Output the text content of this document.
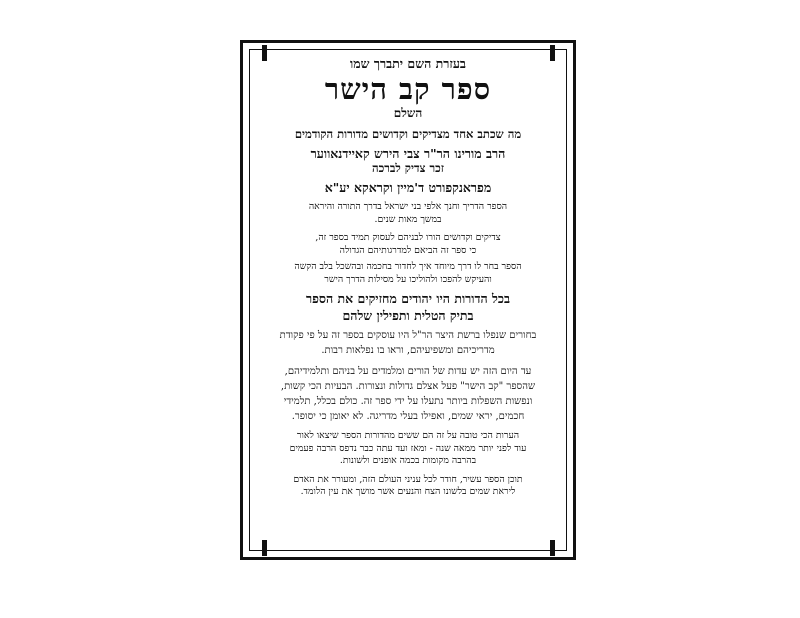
בעזרת השם יתברך שמו
ספר קב הישר
השלם
מה שכתב אחד מצדיקים וקדושים מדורות הקודמים
הרב מורינו הר"ר צבי הירש קאיידנאווער
זכר צדיק לברכה
מפראנקפורט ד'מיין וקראקא יע"א
הספר הדריך וחנך אלפי בני ישראל בדרך התורה והיראה
במשך מאות שנים.
צדיקים וקדושים הורו לבניהם לעסוק תמיד בספר זה,
כי ספר זה הביאם למדרגותיהם הגדולה
הספר בחר לו דרך מיוחד איך לחדור בחכמה ובהשכל בלב הקשה
והעיקש להפכו ולהוליכו על מסילות הדרך הישר
בכל הדורות היו יהודים מחזיקים את הספר
בתיק הטלית ותפילין שלהם
בחורים שנפלו ברשת היצר הר"ל היו עוסקים בספר זה על פי פקודת
מדריכיהם ומשפיעיהם, וראו בו נפלאות רבות.
עד היום הזה יש עדות של הורים ומלמדים על בניהם ותלמידיהם,
שהספר "קב הישר" פעל אצלם גדולות ונצורות. הבעיות הכי קשות,
ונפשות השפלות ביותר נתעלו על ידי ספר זה. כולם בכלל, תלמידי
חכמים, יראי שמים, ואפילו בעלי מדריגה. לא יאומן כי יסופר.
הערות הכי טובה על זה הם ששים מהדורות הספר שיצאו לאור
עוד לפני יותר ממאה שנה - ומאז ועד עתה כבר נדפס הרבה פעמים
בהרבה מקומות בכמה אופנים ולשונות.
תוכן הספר עשיר, חודר לכל עניני העולם הזה, ומעורר את האדם
ליראת שמים בלשונו הצח והנעים אשר מושך את עין הלומד.
